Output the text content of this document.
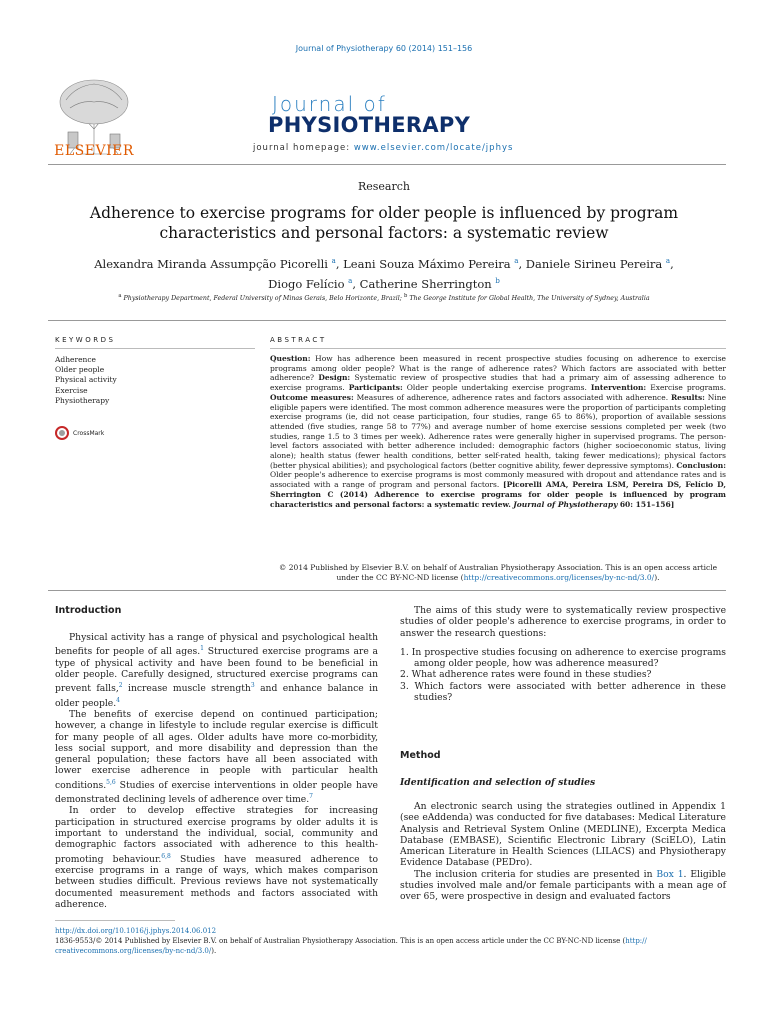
Journal of Physiotherapy 60 (2014) 151–156
ELSEVIER
Journal of
PHYSIOTHERAPY
journal homepage: www.elsevier.com/locate/jphys
Research
Adherence to exercise programs for older people is influenced by program characteristics and personal factors: a systematic review
Alexandra Miranda Assumpção Picorelli $^a$, Leani Souza Máximo Pereira $^a$, Daniele Sirineu Pereira $^a$,
Diogo Felício $^a$, Catherine Sherrington $^b$
$^a$ Physiotherapy Department, Federal University of Minas Gerais, Belo Horizonte, Brazil; $^b$ The George Institute for Global Health, The University of Sydney, Australia
KEYWORDS
Adherence
Older people
Physical activity
Exercise
Physiotherapy
CrossMark
ABSTRACT
Question: How has adherence been measured in recent prospective studies focusing on adherence to exercise programs among older people? What is the range of adherence rates? Which factors are associated with better adherence? Design: Systematic review of prospective studies that had a primary aim of assessing adherence to exercise programs. Participants: Older people undertaking exercise programs. Intervention: Exercise programs. Outcome measures: Measures of adherence, adherence rates and factors associated with adherence. Results: Nine eligible papers were identified. The most common adherence measures were the proportion of participants completing exercise programs (ie, did not cease participation, four studies, range 65 to 86%), proportion of available sessions attended (five studies, range 58 to 77%) and average number of home exercise sessions completed per week (two studies, range 1.5 to 3 times per week). Adherence rates were generally higher in supervised programs. The person-level factors associated with better adherence included: demographic factors (higher socioeconomic status, living alone); health status (fewer health conditions, better self-rated health, taking fewer medications); physical factors (better physical abilities); and psychological factors (better cognitive ability, fewer depressive symptoms). Conclusion: Older people's adherence to exercise programs is most commonly measured with dropout and attendance rates and is associated with a range of program and personal factors. [Picorelli AMA, Pereira LSM, Pereira DS, Felício D, Sherrington C (2014) Adherence to exercise programs for older people is influenced by program characteristics and personal factors: a systematic review. Journal of Physiotherapy 60: 151–156]
© 2014 Published by Elsevier B.V. on behalf of Australian Physiotherapy Association. This is an open access article under the CC BY-NC-ND license (http://creativecommons.org/licenses/by-nc-nd/3.0/).
Introduction

Physical activity has a range of physical and psychological health benefits for people of all ages.$^1$ Structured exercise programs are a type of physical activity and have been found to be beneficial in older people. Carefully designed, structured exercise programs can prevent falls,$^2$ increase muscle strength$^3$ and enhance balance in older people.$^4$

The benefits of exercise depend on continued participation; however, a change in lifestyle to include regular exercise is difficult for many people of all ages. Older adults have more co-morbidity, less social support, and more disability and depression than the general population; these factors have all been associated with lower exercise adherence in people with particular health conditions.$^{5,6}$ Studies of exercise interventions in older people have demonstrated declining levels of adherence over time.$^7$

In order to develop effective strategies for increasing participation in structured exercise programs by older adults it is important to understand the individual, social, community and demographic factors associated with adherence to this health-promoting behaviour.$^{6,8}$ Studies have measured adherence to exercise programs in a range of ways, which makes comparison between studies difficult. Previous reviews have not systematically documented measurement methods and factors associated with adherence.

The aims of this study were to systematically review prospective studies of older people's adherence to exercise programs, in order to answer the research questions:

1. In prospective studies focusing on adherence to exercise programs among older people, how was adherence measured?
2. What adherence rates were found in these studies?
3. Which factors were associated with better adherence in these studies?
Method
Identification and selection of studies

An electronic search using the strategies outlined in Appendix 1 (see eAddenda) was conducted for five databases: Medical Literature Analysis and Retrieval System Online (MEDLINE), Excerpta Medica Database (EMBASE), Scientific Electronic Library (SciELO), Latin American Literature in Health Sciences (LILACS) and Physiotherapy Evidence Database (PEDro).

The inclusion criteria for studies are presented in Box 1. Eligible studies involved male and/or female participants with a mean age of over 65, were prospective in design and evaluated factors

http://dx.doi.org/10.1016/j.jphys.2014.06.012
1836-9553/© 2014 Published by Elsevier B.V. on behalf of Australian Physiotherapy Association. This is an open access article under the CC BY-NC-ND license (http://
creativecommons.org/licenses/by-nc-nd/3.0/).
